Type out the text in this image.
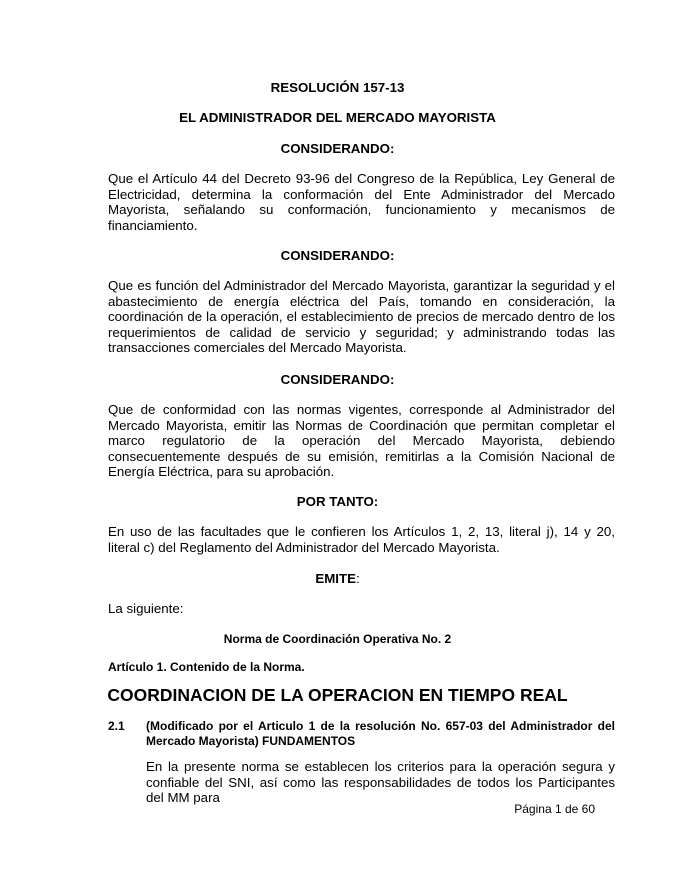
RESOLUCIÓN 157-13
EL ADMINISTRADOR DEL MERCADO MAYORISTA
CONSIDERANDO:
Que el Artículo 44 del Decreto 93-96 del Congreso de la República, Ley General de Electricidad, determina la conformación del Ente Administrador del Mercado Mayorista, señalando su conformación, funcionamiento y mecanismos de financiamiento.
CONSIDERANDO:
Que es función del Administrador del Mercado Mayorista, garantizar la seguridad y el abastecimiento de energía eléctrica del País, tomando en consideración, la coordinación de la operación, el establecimiento de precios de mercado dentro de los requerimientos de calidad de servicio y seguridad; y administrando todas las transacciones comerciales del Mercado Mayorista.
CONSIDERANDO:
Que de conformidad con las normas vigentes, corresponde al Administrador del Mercado Mayorista, emitir las Normas de Coordinación que permitan completar el marco regulatorio de la operación del Mercado Mayorista, debiendo consecuentemente después de su emisión, remitirlas a la Comisión Nacional de Energía Eléctrica, para su aprobación.
POR TANTO:
En uso de las facultades que le confieren los Artículos 1, 2, 13, literal j), 14 y 20, literal c) del Reglamento del Administrador del Mercado Mayorista.
EMITE:
La siguiente:
Norma de Coordinación Operativa No. 2
Artículo 1. Contenido de la Norma.
COORDINACION DE LA OPERACION EN TIEMPO REAL
2.1 (Modificado por el Articulo 1 de la resolución No. 657-03 del Administrador del Mercado Mayorista) FUNDAMENTOS
En la presente norma se establecen los criterios para la operación segura y confiable del SNI, así como las responsabilidades de todos los Participantes del MM para
Página 1 de 60
